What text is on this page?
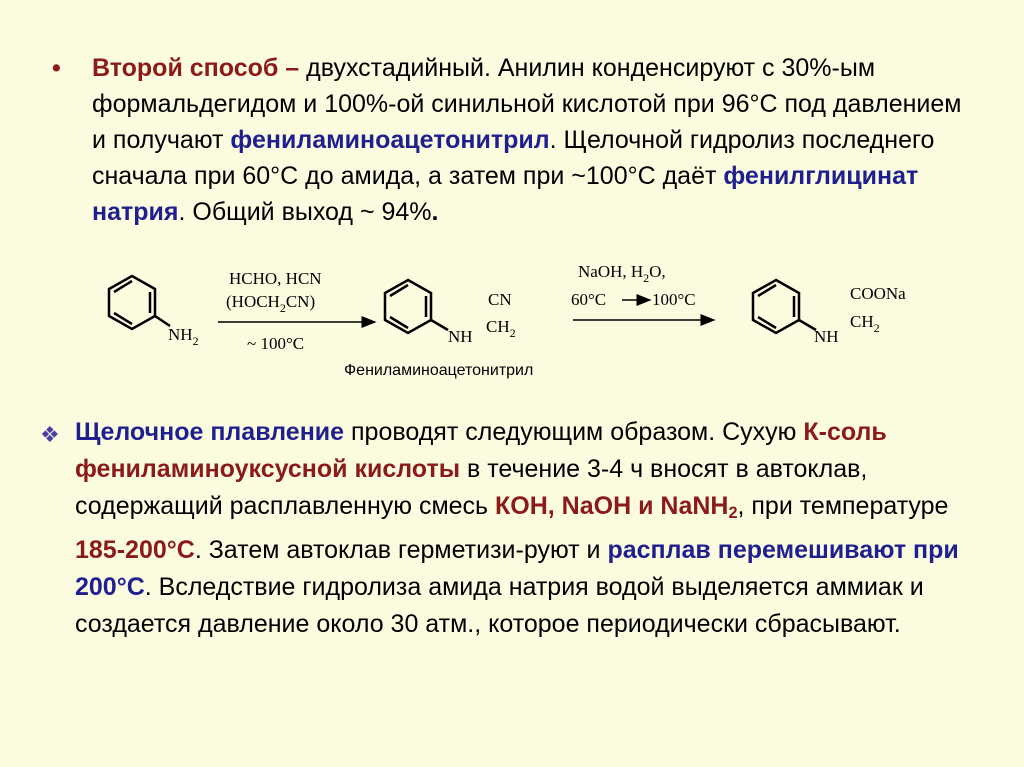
• Второй способ – двухстадийный. Анилин конденсируют с 30%-ым формальдегидом и 100%-ой синильной кислотой при 96°C под давлением и получают фениламиноацетонитрил. Щелочной гидролиз последнего сначала при 60°C до амида, а затем при ~100°C даёт фенилглицинат натрия. Общий выход ~ 94%.
$NH_2$
HCHO, HCN
$(HOCH_2CN)$
~ 100°C	NH
CN
$CH_2$
NaOH, $H_2O$,
60°C	100°C
NH
COONa
$CH_2$
Фениламиноацетонитрил
❖ Щелочное плавление проводят следующим образом. Сухую К-соль фениламиноуксусной кислоты в течение 3-4 ч вносят в автоклав, содержащий расплавленную смесь КОН, NaOH и NaNH$_2$, при температуре 185-200°C. Затем автоклав герметизи-руют и расплав перемешивают при 200°C. Вследствие гидролиза амида натрия водой выделяется аммиак и создается давление около 30 атм., которое периодически сбрасывают.
